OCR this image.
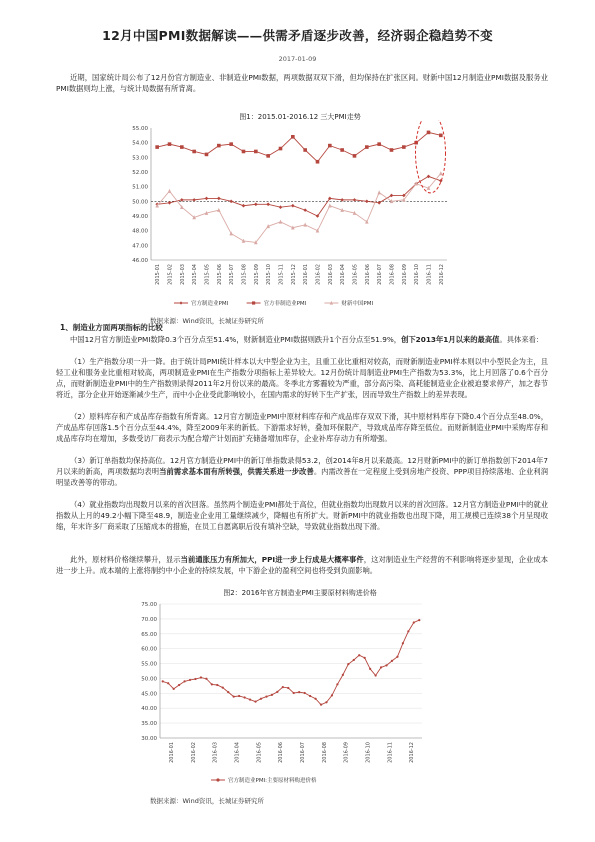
12月中国PMI数据解读——供需矛盾逐步改善，经济弱企稳趋势不变
2017-01-09
近期，国家统计局公布了12月份官方制造业、非制造业PMI数据，两项数据双双下滑，但均保持在扩张区间。财新中国12月制造业PMI数据及服务业PMI数据则均上涨，与统计局数据有所背离。
图1：2015.01-2016.12 三大PMI走势
46.00
47.00
48.00
49.00
50.00
51.00
52.00
53.00
54.00
55.00
2015-01 2015-02 2015-03 2015-04 2015-05 2015-06 2015-07 2015-08 2015-09 2015-10 2015-11 2015-12 2016-01 2016-02 2016-03 2016-04 2016-05 2016-06 2016-07 2016-08 2016-09 2016-10 2016-11 2016-12
官方制造业PMI	官方非制造业PMI	财新中国PMI
数据来源：Wind资讯，长城证券研究所
1、制造业方面两项指标的比较
中国12月官方制造业PMI数降0.3个百分点至51.4%，财新制造业PMI数据则跌升1个百分点至51.9%，创下2013年1月以来的最高值。具体来看：
（1）生产指数分项一升一降。由于统计局PMI统计样本以大中型企业为主，且重工业比重相对较高，而财新制造业PMI样本则以中小型民企为主，且轻工业和服务业比重相对较高，两项制造业PMI在生产指数分项指标上差异较大。12月份统计局制造业PMI生产指数为53.3%，比上月回落了0.6个百分点，而财新制造业PMI中的生产指数则录得2011年2月份以来的最高。冬季北方雾霾较为严重，部分高污染、高耗能制造业企业被迫要求停产，加之春节将近，部分企业开始逐渐减少生产，而中小企业受此影响较小，在国内需求的好转下生产扩张，因而导致生产指数上的差异表现。
（2）原料库存和产成品库存指数有所背离。12月官方制造业PMI中原材料库存和产成品库存双双下滑，其中原材料库存下降0.4个百分点至48.0%，产成品库存回落1.5个百分点至44.4%，降至2009年来的新低。下游需求好转，叠加环保限产，导致成品库存降至低位。而财新制造业PMI中采购库存和成品库存均在增加，多数受访厂商表示为配合增产计划而扩充储备增加库存，企业补库存动力有所增强。
（3）新订单指数均保持高位。12月官方制造业PMI中的新订单指数录得53.2，创2014年8月以来最高。12月财新PMI中的新订单指数创下2014年7月以来的新高，两项数据均表明当前需求基本面有所转强，供需关系进一步改善。内需改善在一定程度上受到房地产投资、PPP项目持续落地、企业利润明显改善等的带动。
（4）就业指数均出现数月以来的首次回落。虽然两个制造业PMI都处于高位，但就业指数均出现数月以来的首次回落。12月官方制造业PMI中的就业指数从上月的49.2小幅下降至48.9，制造业企业用工量继续减少，降幅也有所扩大。财新PMI中的就业指数也出现下降，用工规模已连续38个月呈现收缩，年末许多厂商采取了压缩成本的措施，在员工自愿离职后没有填补空缺，导致就业指数出现下滑。
此外，原材料价格继续攀升，显示当前通胀压力有所加大，PPI进一步上行成是大概率事件，这对制造业生产经营的不利影响将逐步显现，企业成本进一步上升。成本端的上涨将制约中小企业的持续发展，中下游企业的盈利空间也将受到负面影响。
图2：2016年官方制造业PMI主要原材料购进价格
30.00
35.00
40.00
45.00
50.00
55.00
60.00
65.00
70.00
75.00
2016-01	2016-02	2016-03	2016-04	2016-05	2016-06	2016-07	2016-08	2016-09	2016-10	2016-11	2016-12
官方制造业PMI:主要原材料购进价格
数据来源：Wind资讯，长城证券研究所
